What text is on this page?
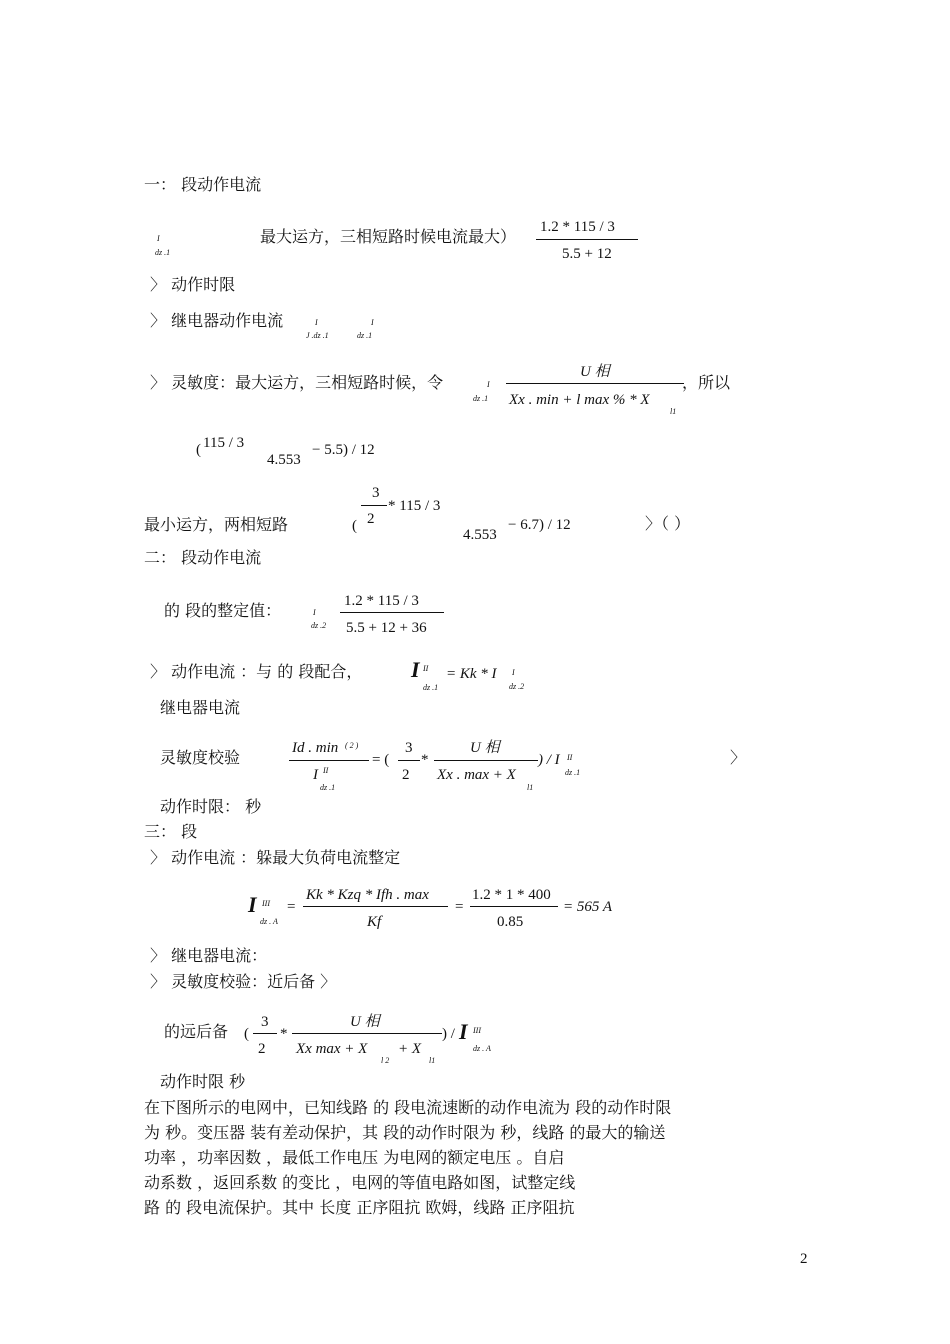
一： 段动作电流
I
dz .1
最大运方，三相短路时候电流最大） 1.2 * 115 / 3
5.5 + 12
〉 动作时限
〉 继电器动作电流	I
J .dz .1
I
dz .1
〉 灵敏度：最大运方，三相短路时候，令	I
dz .1
U 相
Xx . min + l max % * X
l1
，所以
( 115 / 3
4.553
− 5.5) / 12
3
2
* 115 / 3
最小运方，两相短路	(
4.553
− 6.7) / 12	〉（ ）
二： 段动作电流
的 段的整定值：	I
dz .2
1.2 * 115 / 3
5.5 + 12 + 36
〉 动作电流 ：与 的 段配合， I II
dz .1
= Kk * I I
dz .2
继电器电流
灵敏度校验	Id . min ( 2 )
I II
dz .1
= (
3
2
*
U 相
Xx . max + X
l1
) / I II
dz .1
〉
动作时限： 秒
三： 段
〉 动作电流 ：躲最大负荷电流整定
I III
dz . A
=
Kk * Kzq * Ifh . max
Kf
=
1.2 * 1 * 400
0.85
= 565 A
〉 继电器电流：
〉 灵敏度校验：近后备 〉
的远后备 (
3
2
*
U 相
Xx max + X
l 2
+ X
l1
) / I III
dz . A
动作时限 秒
在下图所示的电网中，已知线路 的 段电流速断的动作电流为 段的动作时限
为 秒。变压器 装有差动保护，其 段的动作时限为 秒，线路 的最大的输送
功率 ，功率因数 ，最低工作电压 为电网的额定电压 。自启
动系数 ，返回系数 的变比 ，电网的等值电路如图，试整定线
路 的 段电流保护。其中 长度 正序阻抗 欧姆，线路 正序阻抗
2
